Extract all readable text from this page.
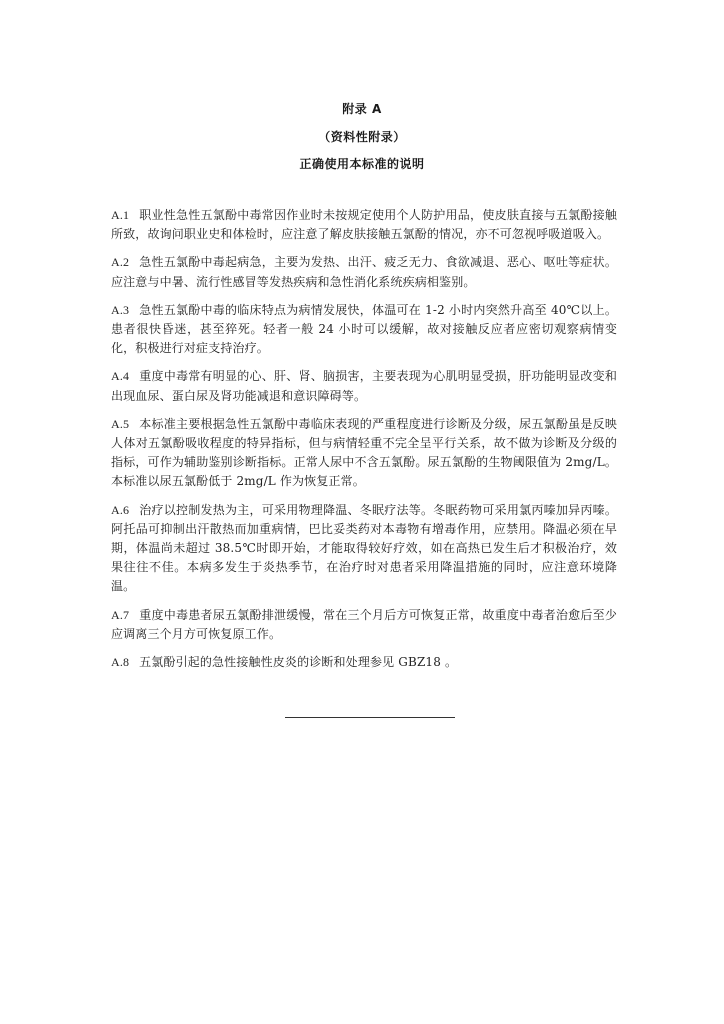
附录 A
（资料性附录）
正确使用本标准的说明

A.1 职业性急性五氯酚中毒常因作业时未按规定使用个人防护用品，使皮肤直接与五氯酚接触所致，故询问职业史和体检时，应注意了解皮肤接触五氯酚的情况，亦不可忽视呼吸道吸入。

A.2 急性五氯酚中毒起病急，主要为发热、出汗、疲乏无力、食欲减退、恶心、呕吐等症状。应注意与中暑、流行性感冒等发热疾病和急性消化系统疾病相鉴别。

A.3 急性五氯酚中毒的临床特点为病情发展快，体温可在 1-2 小时内突然升高至 40℃以上。患者很快昏迷，甚至猝死。轻者一般 24 小时可以缓解，故对接触反应者应密切观察病情变化，积极进行对症支持治疗。

A.4 重度中毒常有明显的心、肝、肾、脑损害，主要表现为心肌明显受损，肝功能明显改变和出现血尿、蛋白尿及肾功能减退和意识障碍等。

A.5 本标准主要根据急性五氯酚中毒临床表现的严重程度进行诊断及分级，尿五氯酚虽是反映人体对五氯酚吸收程度的特异指标，但与病情轻重不完全呈平行关系，故不做为诊断及分级的指标，可作为辅助鉴别诊断指标。正常人尿中不含五氯酚。尿五氯酚的生物阈限值为 2mg/L。本标准以尿五氯酚低于 2mg/L 作为恢复正常。

A.6 治疗以控制发热为主，可采用物理降温、冬眠疗法等。冬眠药物可采用氯丙嗪加异丙嗪。阿托品可抑制出汗散热而加重病情，巴比妥类药对本毒物有增毒作用，应禁用。降温必须在早期，体温尚未超过 38.5℃时即开始，才能取得较好疗效，如在高热已发生后才积极治疗，效果往往不佳。本病多发生于炎热季节，在治疗时对患者采用降温措施的同时，应注意环境降温。

A.7 重度中毒患者尿五氯酚排泄缓慢，常在三个月后方可恢复正常，故重度中毒者治愈后至少应调离三个月方可恢复原工作。

A.8 五氯酚引起的急性接触性皮炎的诊断和处理参见 GBZ18 。
